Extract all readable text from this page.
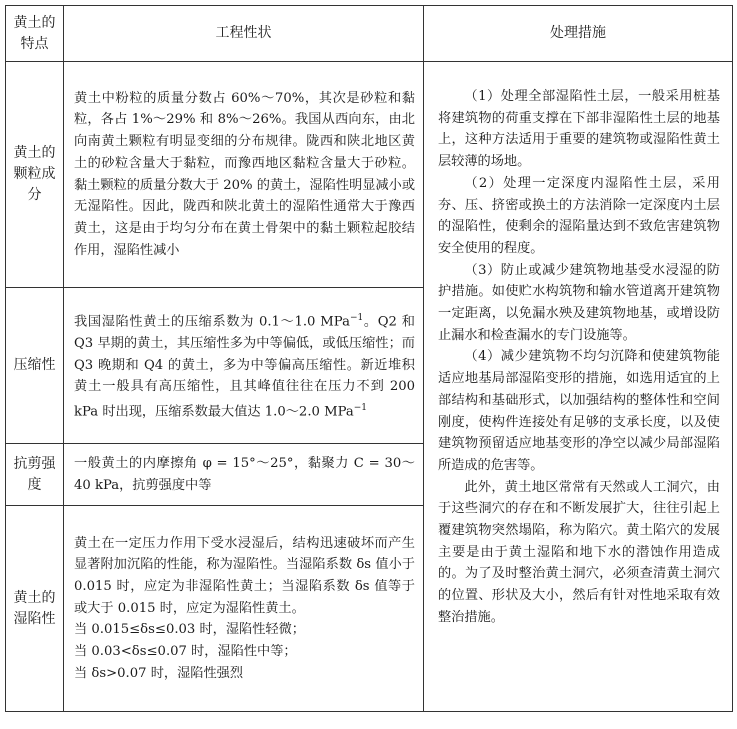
黄土的特点	工程性状	处理措施
黄土的颗粒成分	黄土中粉粒的质量分数占 60%～70%，其次是砂粒和黏粒，各占 1%～29% 和 8%～26%。我国从西向东，由北向南黄土颗粒有明显变细的分布规律。陇西和陕北地区黄土的砂粒含量大于黏粒，而豫西地区黏粒含量大于砂粒。黏土颗粒的质量分数大于 20% 的黄土，湿陷性明显减小或无湿陷性。因此，陇西和陕北黄土的湿陷性通常大于豫西黄土，这是由于均匀分布在黄土骨架中的黏土颗粒起胶结作用，湿陷性减小	（1）处理全部湿陷性土层，一般采用桩基将建筑物的荷重支撑在下部非湿陷性土层的地基上，这种方法适用于重要的建筑物或湿陷性黄土层较薄的场地。

（2）处理一定深度内湿陷性土层，采用夯、压、挤密或换土的方法消除一定深度内土层的湿陷性，使剩余的湿陷量达到不致危害建筑物安全使用的程度。

（3）防止或减少建筑物地基受水浸湿的防护措施。如使贮水构筑物和输水管道离开建筑物一定距离，以免漏水殃及建筑物地基，或增设防止漏水和检查漏水的专门设施等。

（4）减少建筑物不均匀沉降和使建筑物能适应地基局部湿陷变形的措施，如选用适宜的上部结构和基础形式，以加强结构的整体性和空间刚度，使构件连接处有足够的支承长度，以及使建筑物预留适应地基变形的净空以减少局部湿陷所造成的危害等。

此外，黄土地区常常有天然或人工洞穴，由于这些洞穴的存在和不断发展扩大，往往引起上覆建筑物突然塌陷，称为陷穴。黄土陷穴的发展主要是由于黄土湿陷和地下水的潜蚀作用造成的。为了及时整治黄土洞穴，必须查清黄土洞穴的位置、形状及大小，然后有针对性地采取有效整治措施。

压缩性	我国湿陷性黄土的压缩系数为 0.1～1.0 MPa$^{-1}$。Q2 和 Q3 早期的黄土，其压缩性多为中等偏低，或低压缩性；而 Q3 晚期和 Q4 的黄土，多为中等偏高压缩性。新近堆积黄土一般具有高压缩性，且其峰值往往在压力不到 200 kPa 时出现，压缩系数最大值达 1.0～2.0 MPa$^{-1}$
抗剪强度	一般黄土的内摩擦角 φ = 15°～25°，黏聚力 C = 30～40 kPa，抗剪强度中等	
黄土的湿陷性	黄土在一定压力作用下受水浸湿后，结构迅速破坏而产生显著附加沉陷的性能，称为湿陷性。当湿陷系数 δs 值小于 0.015 时，应定为非湿陷性黄土；当湿陷系数 δs 值等于或大于 0.015 时，应定为湿陷性黄土。
当 0.015≤δs≤0.03 时，湿陷性轻微；
当 0.03<δs≤0.07 时，湿陷性中等；
当 δs>0.07 时，湿陷性强烈	
